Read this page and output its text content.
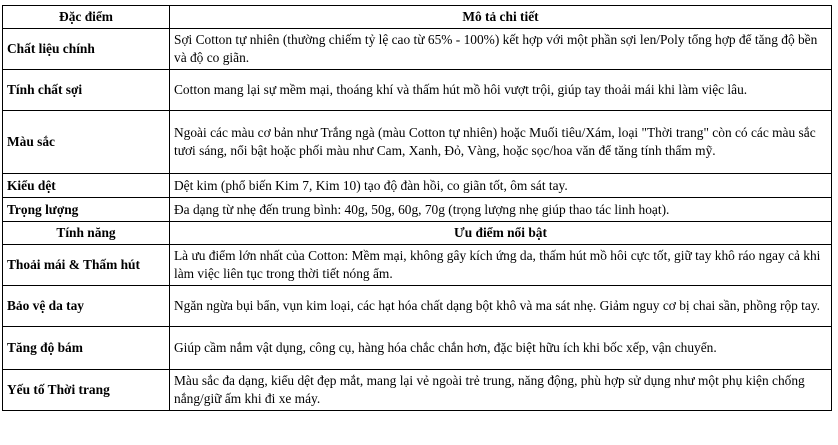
Đặc điểm	Mô tả chi tiết
Chất liệu chính	Sợi Cotton tự nhiên (thường chiếm tỷ lệ cao từ 65% - 100%) kết hợp với một phần sợi len/Poly tổng hợp để tăng độ bền và độ co giãn.
Tính chất sợi	Cotton mang lại sự mềm mại, thoáng khí và thấm hút mồ hôi vượt trội, giúp tay thoải mái khi làm việc lâu.
Màu sắc	Ngoài các màu cơ bản như Trắng ngà (màu Cotton tự nhiên) hoặc Muối tiêu/Xám, loại "Thời trang" còn có các màu sắc tươi sáng, nổi bật hoặc phối màu như Cam, Xanh, Đỏ, Vàng, hoặc sọc/hoa văn để tăng tính thẩm mỹ.
Kiểu dệt	Dệt kim (phổ biến Kim 7, Kim 10) tạo độ đàn hồi, co giãn tốt, ôm sát tay.
Trọng lượng	Đa dạng từ nhẹ đến trung bình: 40g, 50g, 60g, 70g (trọng lượng nhẹ giúp thao tác linh hoạt).
Tính năng	Ưu điểm nổi bật
Thoải mái & Thấm hút	Là ưu điểm lớn nhất của Cotton: Mềm mại, không gây kích ứng da, thấm hút mồ hôi cực tốt, giữ tay khô ráo ngay cả khi làm việc liên tục trong thời tiết nóng ẩm.
Bảo vệ da tay	Ngăn ngừa bụi bẩn, vụn kim loại, các hạt hóa chất dạng bột khô và ma sát nhẹ. Giảm nguy cơ bị chai sần, phồng rộp tay.
Tăng độ bám	Giúp cầm nắm vật dụng, công cụ, hàng hóa chắc chắn hơn, đặc biệt hữu ích khi bốc xếp, vận chuyển.
Yếu tố Thời trang	Màu sắc đa dạng, kiểu dệt đẹp mắt, mang lại vẻ ngoài trẻ trung, năng động, phù hợp sử dụng như một phụ kiện chống nắng/giữ ấm khi đi xe máy.
